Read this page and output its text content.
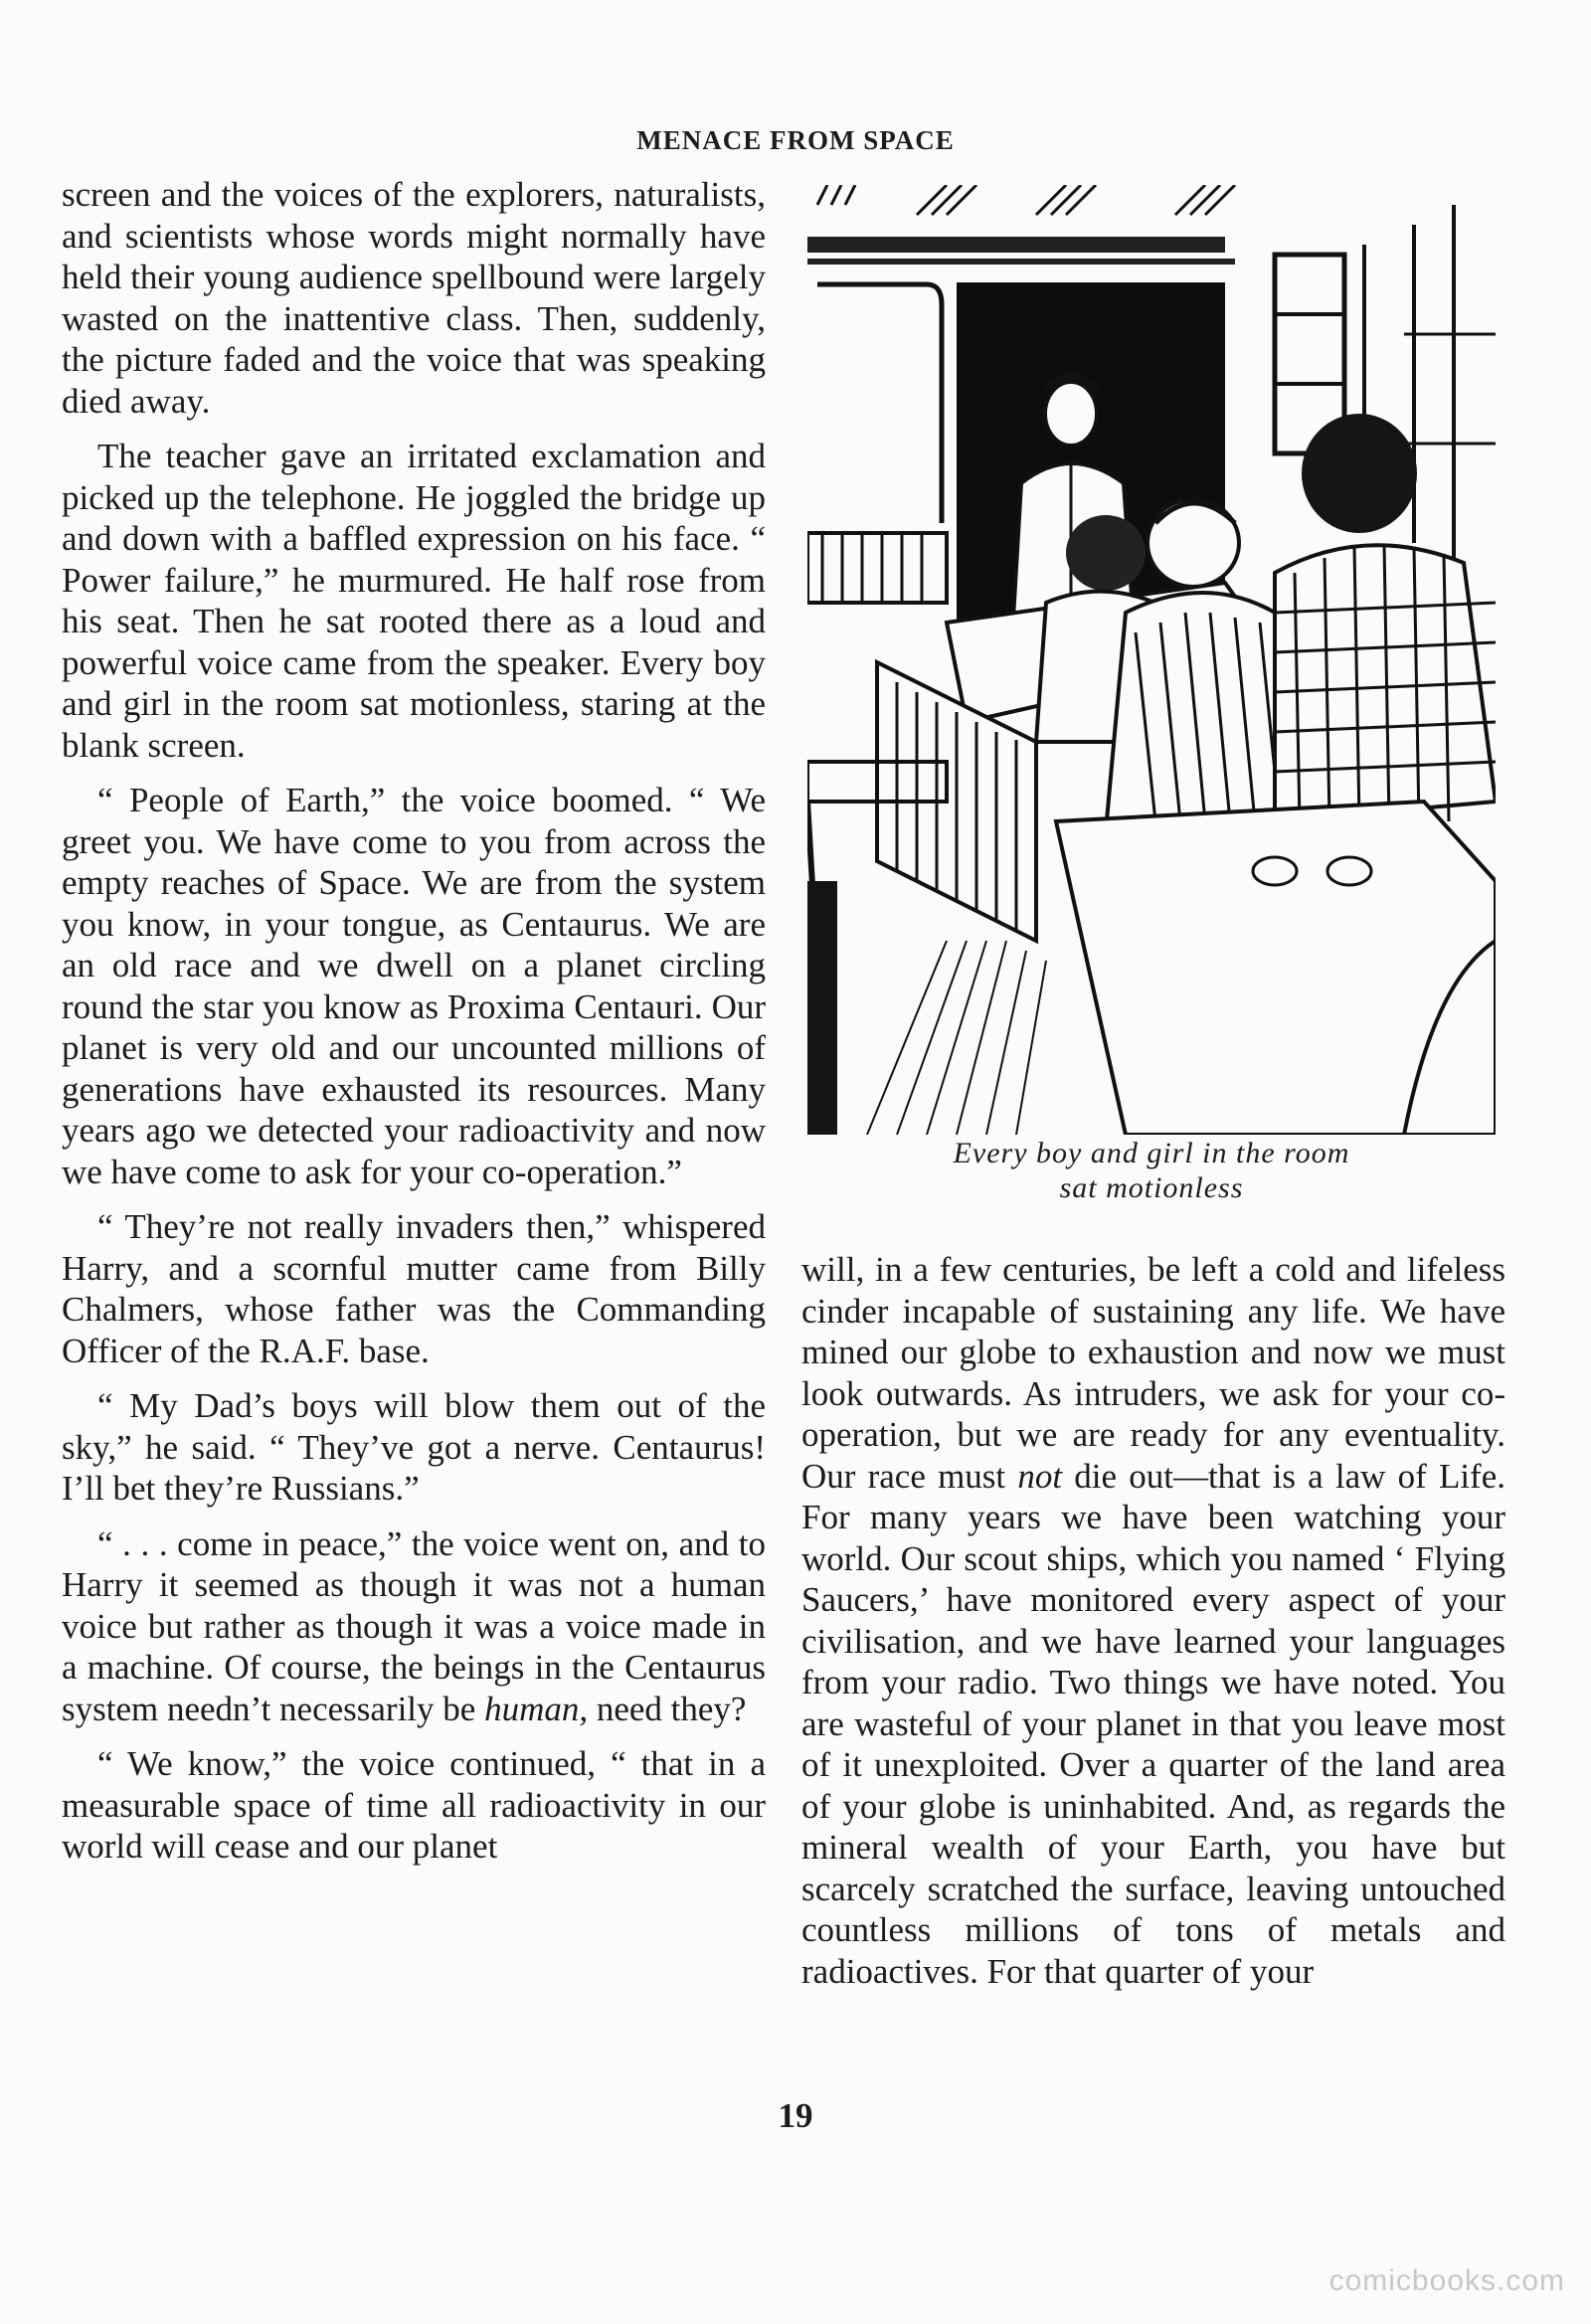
MENACE FROM SPACE

screen and the voices of the explorers, naturalists, and scientists whose words might normally have held their young audience spellbound were largely wasted on the inattentive class. Then, suddenly, the picture faded and the voice that was speaking died away.

The teacher gave an irritated exclamation and picked up the telephone. He joggled the bridge up and down with a baffled expression on his face. “ Power failure,” he murmured. He half rose from his seat. Then he sat rooted there as a loud and powerful voice came from the speaker. Every boy and girl in the room sat motionless, staring at the blank screen.

“ People of Earth,” the voice boomed. “ We greet you. We have come to you from across the empty reaches of Space. We are from the system you know, in your tongue, as Centaurus. We are an old race and we dwell on a planet circling round the star you know as Proxima Centauri. Our planet is very old and our uncounted millions of generations have exhausted its resources. Many years ago we detected your radioactivity and now we have come to ask for your co-operation.”

“ They’re not really invaders then,” whispered Harry, and a scornful mutter came from Billy Chalmers, whose father was the Commanding Officer of the R.A.F. base.

“ My Dad’s boys will blow them out of the sky,” he said. “ They’ve got a nerve. Centaurus! I’ll bet they’re Russians.”

“ . . . come in peace,” the voice went on, and to Harry it seemed as though it was not a human voice but rather as though it was a voice made in a machine. Of course, the beings in the Centaurus system needn’t necessarily be human, need they?

“ We know,” the voice continued, “ that in a measurable space of time all radioactivity in our world will cease and our planet

Every boy and girl in the room
sat motionless

will, in a few centuries, be left a cold and lifeless cinder incapable of sustaining any life. We have mined our globe to exhaustion and now we must look outwards. As intruders, we ask for your co-operation, but we are ready for any eventuality. Our race must not die out—that is a law of Life. For many years we have been watching your world. Our scout ships, which you named ‘ Flying Saucers,’ have monitored every aspect of your civilisation, and we have learned your languages from your radio. Two things we have noted. You are wasteful of your planet in that you leave most of it unexploited. Over a quarter of the land area of your globe is uninhabited. And, as regards the mineral wealth of your Earth, you have but scarcely scratched the surface, leaving untouched countless millions of tons of metals and radioactives. For that quarter of your

19
comicbooks.com
